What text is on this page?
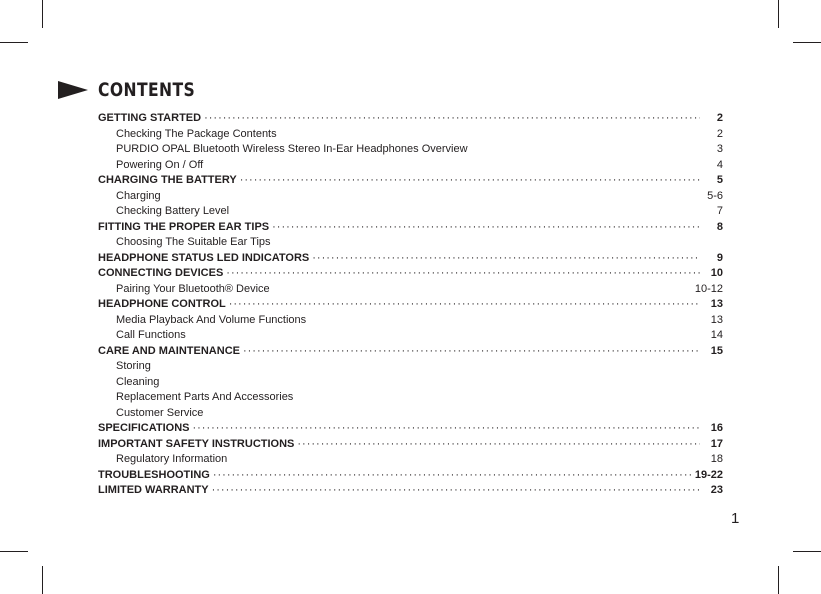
CONTENTS
GETTING STARTED ·····	2
Checking The Package Contents	2
PURDIO OPAL Bluetooth Wireless Stereo In-Ear Headphones Overview	3
Powering On / Off	4
CHARGING THE BATTERY ·····	5
Charging	5-6
Checking Battery Level	7
FITTING THE PROPER EAR TIPS ·····	8
Choosing The Suitable Ear Tips
HEADPHONE STATUS LED INDICATORS ·····	9
CONNECTING DEVICES ·····	10
Pairing Your Bluetooth® Device	10-12
HEADPHONE CONTROL ·····	13
Media Playback And Volume Functions	13
Call Functions	14
CARE AND MAINTENANCE ·····	15
Storing
Cleaning
Replacement Parts And Accessories
Customer Service
SPECIFICATIONS ·····	16
IMPORTANT SAFETY INSTRUCTIONS ·····	17
Regulatory Information	18
TROUBLESHOOTING ·····	19-22
LIMITED WARRANTY ·····	23
1
